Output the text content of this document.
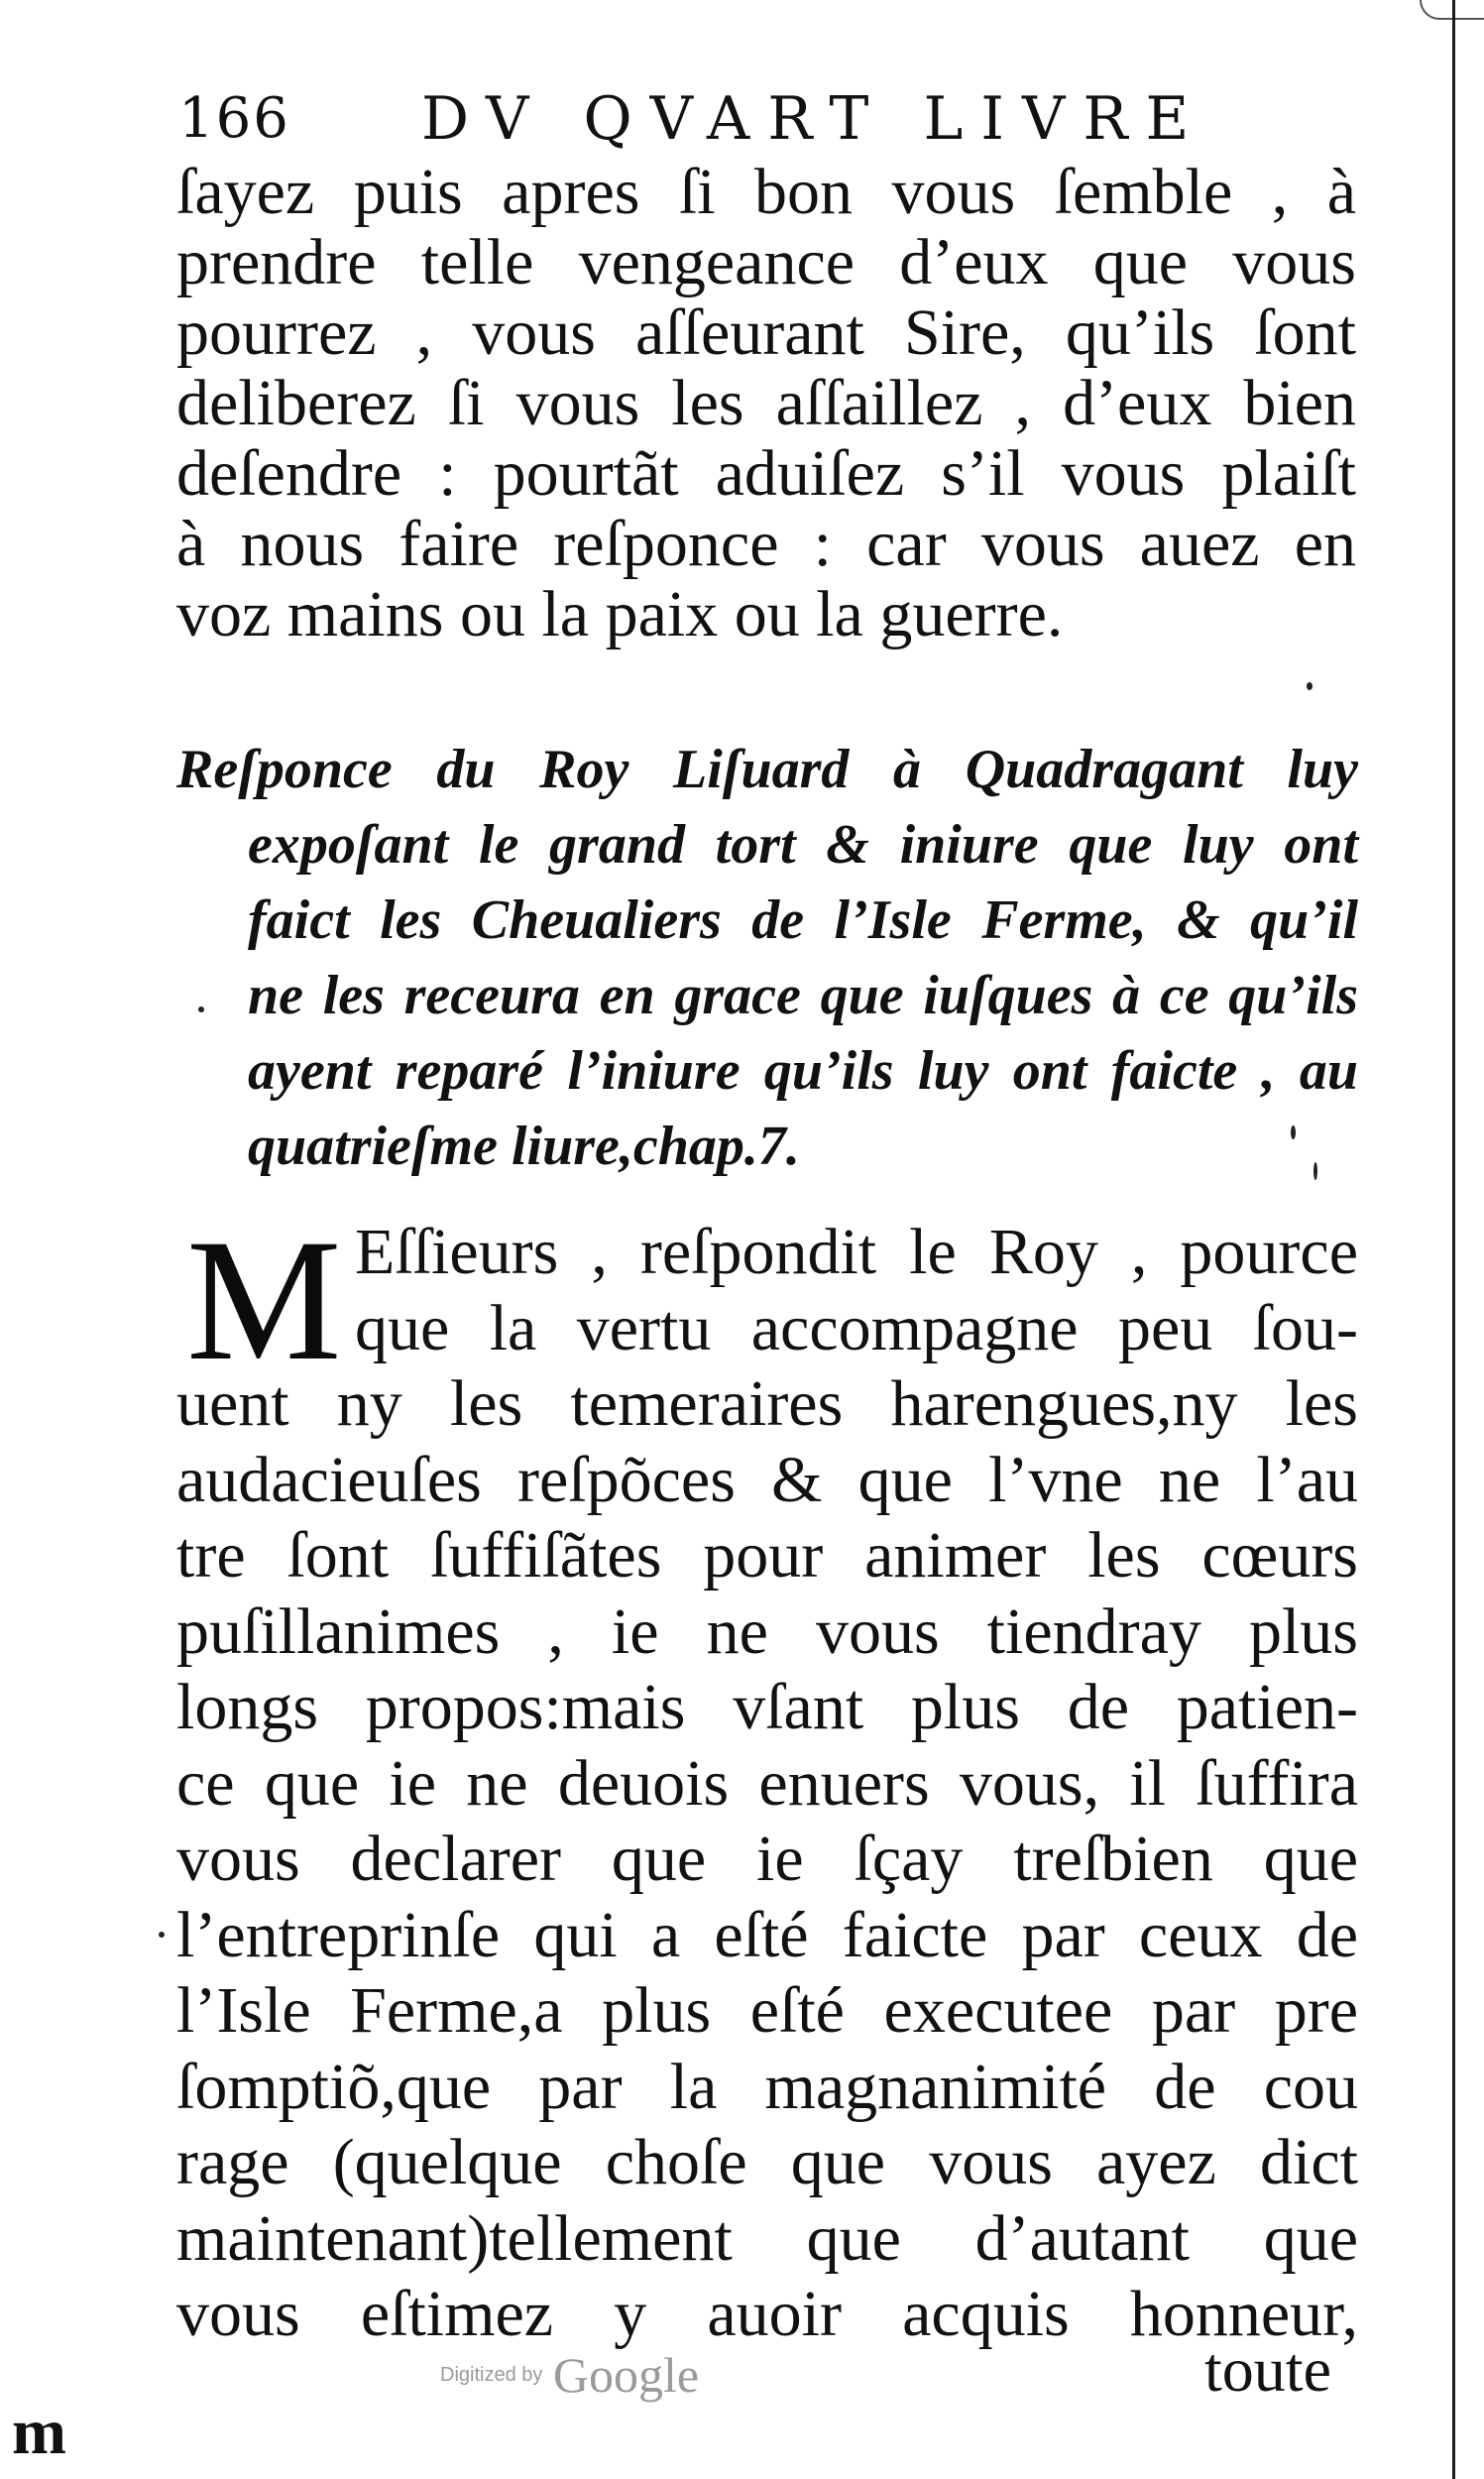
166 DV QVART LIVRE
ſayez puis apres ſi bon vous ſemble , à
prendre telle vengeance d’eux que vous
pourrez , vous aſſeurant Sire, qu’ils ſont
deliberez ſi vous les aſſaillez , d’eux bien
deſendre : pourtãt aduiſez s’il vous plaiſt
à nous faire reſponce : car vous auez en
voz mains ou la paix ou la guerre.
Reſponce du Roy Liſuard à Quadragant luy
expoſant le grand tort & iniure que luy ont
faict les Cheualiers de l’Isle Ferme, & qu’il
ne les receura en grace que iuſques à ce qu’ils
ayent reparé l’iniure qu’ils luy ont faicte , au
quatrieſme liure,chap.7.
M Eſſieurs , reſpondit le Roy , pource
que la vertu accompagne peu ſou-
uent ny les temeraires harengues,ny les
audacieuſes reſpõces & que l’vne ne l’au
tre ſont ſuffiſãtes pour animer les cœurs
puſillanimes , ie ne vous tiendray plus
longs propos:mais vſant plus de patien-
ce que ie ne deuois enuers vous, il ſuffira
vous declarer que ie ſçay treſbien que
l’entreprinſe qui a eſté faicte par ceux de
l’Isle Ferme,a plus eſté executee par pre
ſomptiõ,que par la magnanimité de cou
rage (quelque choſe que vous ayez dict
maintenant)tellement que d’autant que
vous eſtimez y auoir acquis honneur,
Digitized by Google	toute
m
